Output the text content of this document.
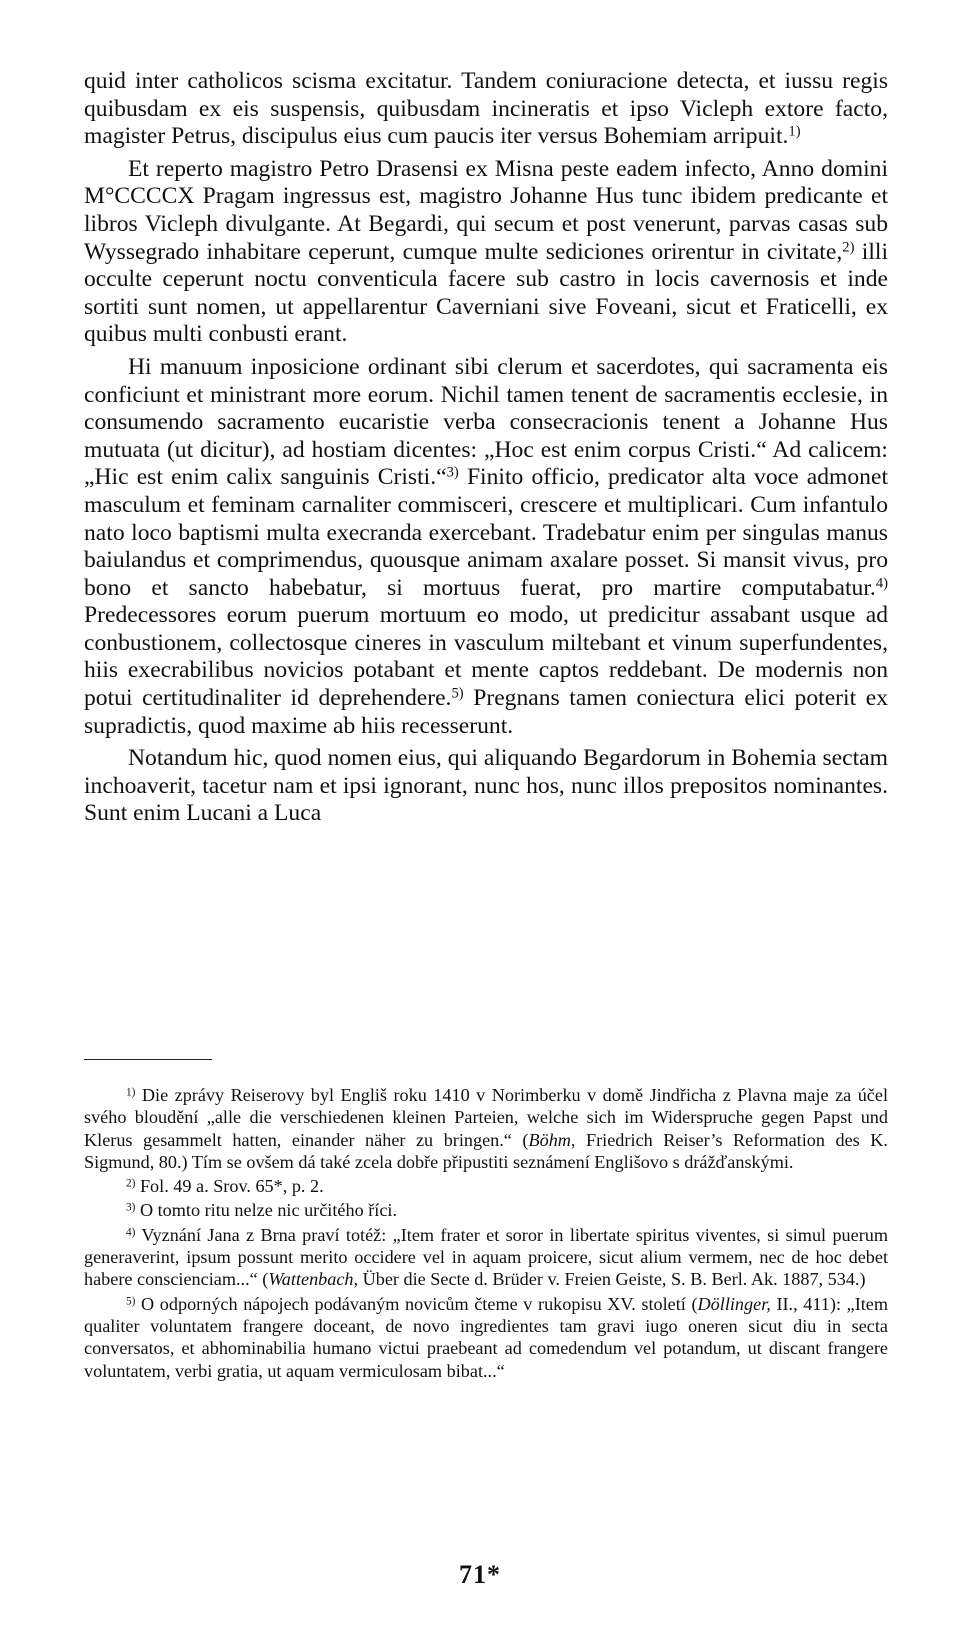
quid inter catholicos scisma excitatur. Tandem coniuracione detecta, et iussu regis quibusdam ex eis suspensis, quibusdam incineratis et ipso Vicleph extore facto, magister Petrus, discipulus eius cum paucis iter versus Bohemiam arripuit.$^{1)}$

Et reperto magistro Petro Drasensi ex Misna peste eadem infecto, Anno domini M°CCCCX Pragam ingressus est, magistro Johanne Hus tunc ibidem predicante et libros Vicleph divulgante. At Begardi, qui secum et post venerunt, parvas casas sub Wyssegrado inhabitare ceperunt, cumque multe sediciones orirentur in civitate,$^{2)}$ illi occulte ceperunt noctu conventicula facere sub castro in locis cavernosis et inde sortiti sunt nomen, ut appellarentur Caverniani sive Foveani, sicut et Fraticelli, ex quibus multi conbusti erant.

Hi manuum inposicione ordinant sibi clerum et sacerdotes, qui sacramenta eis conficiunt et ministrant more eorum. Nichil tamen tenent de sacramentis ecclesie, in consumendo sacramento eucaristie verba consecracionis tenent a Johanne Hus mutuata (ut dicitur), ad hostiam dicentes: „Hoc est enim corpus Cristi.“ Ad calicem: „Hic est enim calix sanguinis Cristi.“$^{3)}$ Finito officio, predicator alta voce admonet masculum et feminam carnaliter commisceri, crescere et multiplicari. Cum infantulo nato loco baptismi multa execranda exercebant. Tradebatur enim per singulas manus baiulandus et comprimendus, quousque animam axalare posset. Si mansit vivus, pro bono et sancto habebatur, si mortuus fuerat, pro martire computabatur.$^{4)}$ Predecessores eorum puerum mortuum eo modo, ut predicitur assabant usque ad conbustionem, collectosque cineres in vasculum miltebant et vinum superfundentes, hiis execrabilibus novicios potabant et mente captos reddebant. De modernis non potui certitudinaliter id deprehendere.$^{5)}$ Pregnans tamen coniectura elici poterit ex supradictis, quod maxime ab hiis recesserunt.

Notandum hic, quod nomen eius, qui aliquando Begardorum in Bohemia sectam inchoaverit, tacetur nam et ipsi ignorant, nunc hos, nunc illos prepositos nominantes. Sunt enim Lucani a Luca

$^{1)}$ Die zprávy Reiserovy byl Engliš roku 1410 v Norimberku v domě Jindřicha z Plavna maje za účel svého bloudění „alle die verschiedenen kleinen Parteien, welche sich im Widerspruche gegen Papst und Klerus gesammelt hatten, einander näher zu bringen.“ (Böhm, Friedrich Reiser’s Reformation des K. Sigmund, 80.) Tím se ovšem dá také zcela dobře připustiti seznámení Englišovo s drážďanskými.

$^{2)}$ Fol. 49 a. Srov. 65*, p. 2.

$^{3)}$ O tomto ritu nelze nic určitého říci.

$^{4)}$ Vyznání Jana z Brna praví totéž: „Item frater et soror in libertate spiritus viventes, si simul puerum generaverint, ipsum possunt merito occidere vel in aquam proicere, sicut alium vermem, nec de hoc debet habere conscienciam...“ (Wattenbach, Über die Secte d. Brüder v. Freien Geiste, S. B. Berl. Ak. 1887, 534.)

$^{5)}$ O odporných nápojech podávaným novicům čteme v rukopisu XV. století (Döllinger, II., 411): „Item qualiter voluntatem frangere doceant, de novo ingredientes tam gravi iugo oneren sicut diu in secta conversatos, et abhominabilia humano victui praebeant ad comedendum vel potandum, ut discant frangere voluntatem, verbi gratia, ut aquam vermiculosam bibat...“

71*
